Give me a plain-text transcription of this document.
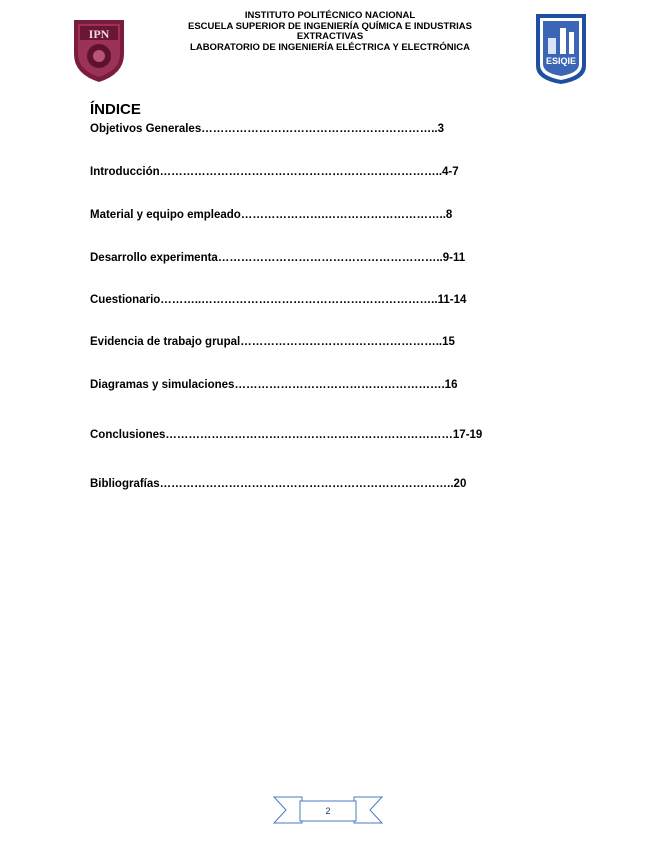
IPN
INSTITUTO POLITÉCNICO NACIONAL
ESCUELA SUPERIOR DE INGENIERÍA QUÍMICA E INDUSTRIAS
EXTRACTIVAS
LABORATORIO DE INGENIERÍA ELÉCTRICA Y ELECTRÓNICA
ESIQIE
ÍNDICE
Objetivos Generales……………………………………………………..3
Introducción………………………………………………………………..4-7
Material y equipo empleado………………….…………………………..8
Desarrollo experimenta…………………………………………………..9-11
Cuestionario………..……………………………………………………..11-14
Evidencia de trabajo grupal……………………………………………..15
Diagramas y simulaciones……………………………………………….16
Conclusiones…………………………………………………………………17-19
Bibliografías…………………………………………………………………..20
2
